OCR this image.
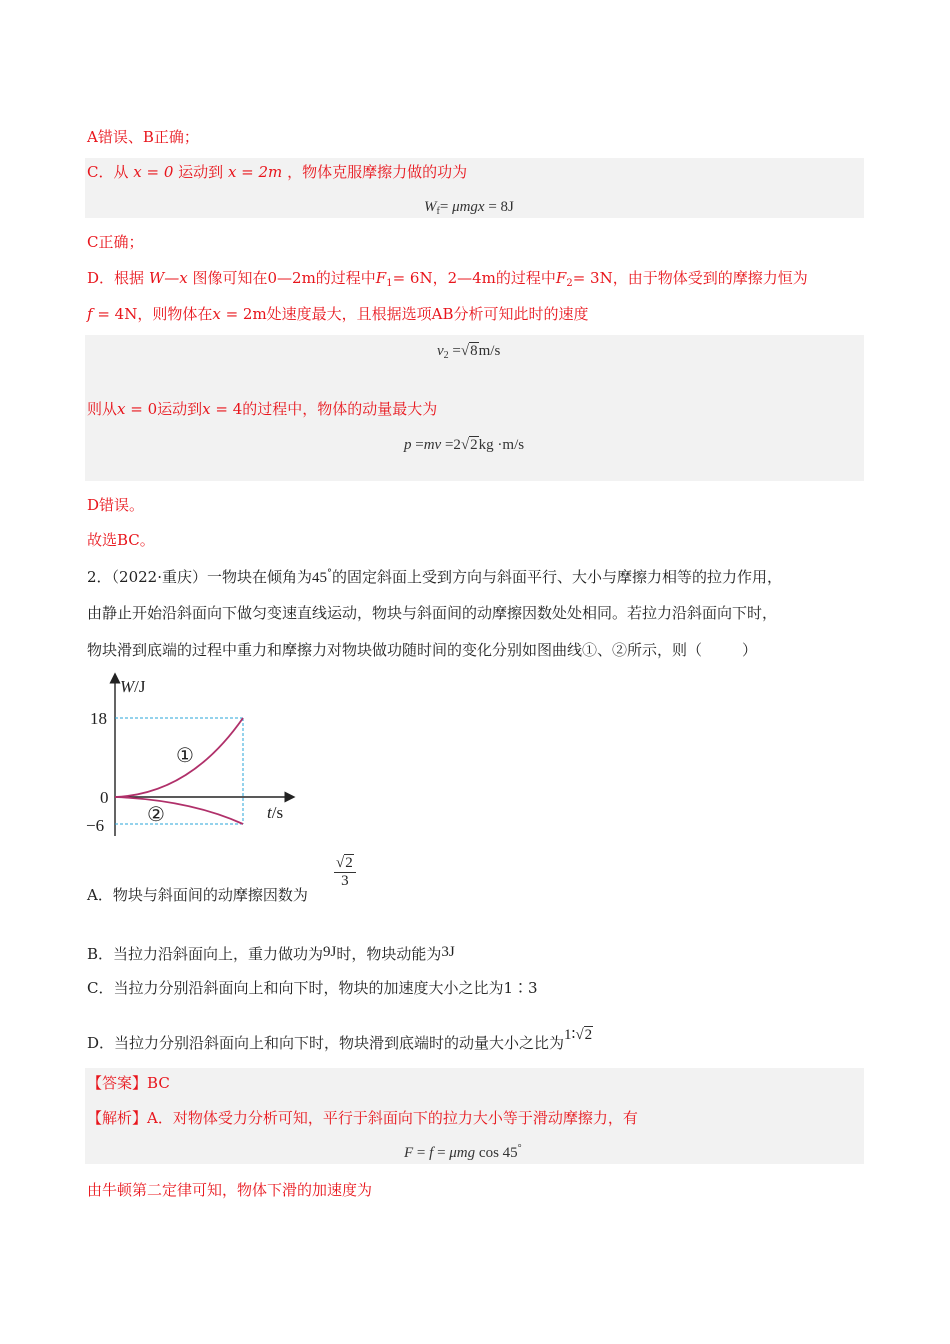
A错误、B正确；
C．从 x = 0 运动到 x = 2m ，物体克服摩擦力做的功为
$W_f= \mu mgx = 8J$
C正确；
D．根据 W—x 图像可知在0—2m的过程中$F_1= 6N$，2—4m的过程中$F_2= 3N$，由于物体受到的摩擦力恒为
f = 4N，则物体在x = 2m处速度最大，且根据选项AB分析可知此时的速度
$v_2 =√8m/s$
则从x = 0运动到x = 4的过程中，物体的动量最大为
p =mv =2√2kg ·m/s
D错误。
故选BC。
2．（2022·重庆）一物块在倾角为45°的固定斜面上受到方向与斜面平行、大小与摩擦力相等的拉力作用，
由静止开始沿斜面向下做匀变速直线运动，物块与斜面间的动摩擦因数处处相同。若拉力沿斜面向下时，
物块滑到底端的过程中重力和摩擦力对物块做功随时间的变化分别如图曲线①、②所示，则（	）
W/J
t/s
18
0
−6
①
②
A．物块与斜面间的动摩擦因数为
$\frac{√2}{3}$
B．当拉力沿斜面向上，重力做功为9J时，物块动能为3J
C．当拉力分别沿斜面向上和向下时，物块的加速度大小之比为1∶3
D．当拉力分别沿斜面向上和向下时，物块滑到底端时的动量大小之比为1∶√2
【答案】BC
【解析】A．对物体受力分析可知，平行于斜面向下的拉力大小等于滑动摩擦力，有
F = f = μmg cos 45°
由牛顿第二定律可知，物体下滑的加速度为
